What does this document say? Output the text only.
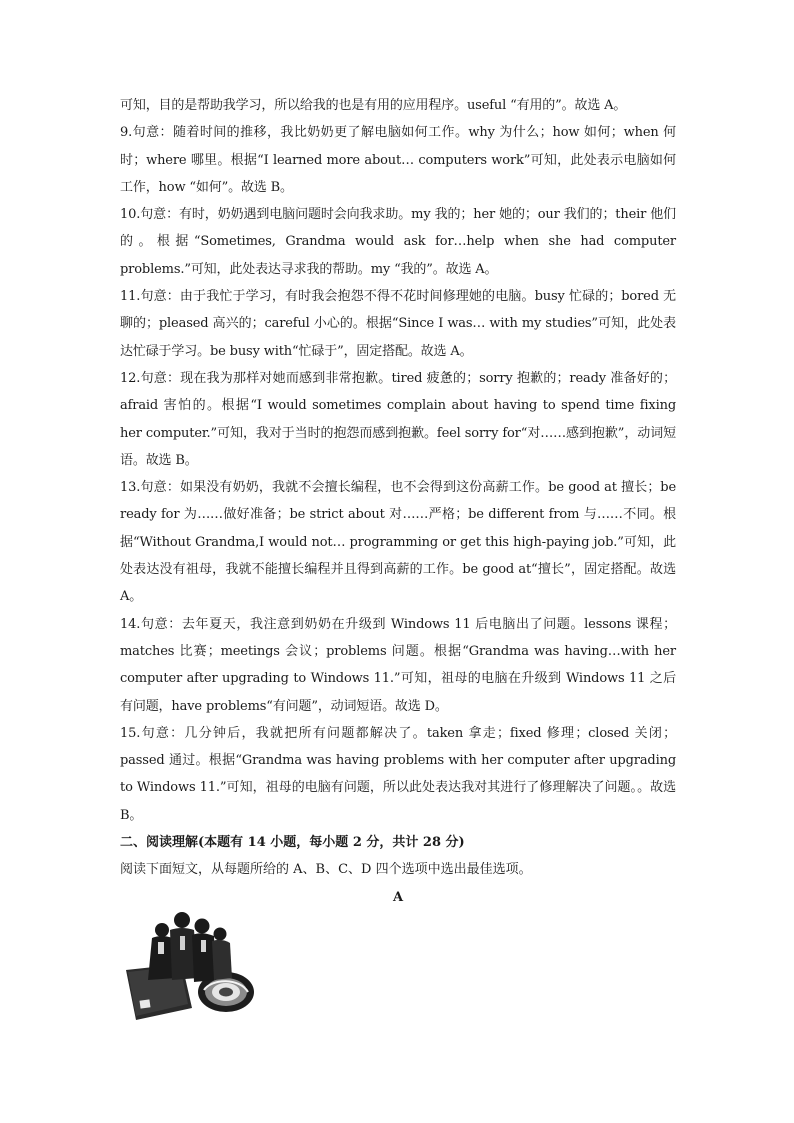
可知，目的是帮助我学习，所以给我的也是有用的应用程序。useful “有用的”。故选 A。

9.句意：随着时间的推移，我比奶奶更了解电脑如何工作。why 为什么；how 如何；when 何时；where 哪里。根据“I learned more about… computers work”可知，此处表示电脑如何工作，how “如何”。故选 B。

10.句意：有时，奶奶遇到电脑问题时会向我求助。my 我的；her 她的；our 我们的；their 他们的。根据“Sometimes, Grandma would ask for…help when she had computer problems.”可知，此处表达寻求我的帮助。my “我的”。故选 A。

11.句意：由于我忙于学习，有时我会抱怨不得不花时间修理她的电脑。busy 忙碌的；bored 无聊的；pleased 高兴的；careful 小心的。根据“Since I was… with my studies”可知，此处表达忙碌于学习。be busy with“忙碌于”，固定搭配。故选 A。

12.句意：现在我为那样对她而感到非常抱歉。tired 疲惫的；sorry 抱歉的；ready 准备好的；afraid 害怕的。根据“I would sometimes complain about having to spend time fixing her computer.”可知，我对于当时的抱怨而感到抱歉。feel sorry for“对……感到抱歉”，动词短语。故选 B。

13.句意：如果没有奶奶，我就不会擅长编程，也不会得到这份高薪工作。be good at 擅长；be ready for 为……做好准备；be strict about 对……严格；be different from 与……不同。根据“Without Grandma,I would not… programming or get this high-paying job.”可知，此处表达没有祖母，我就不能擅长编程并且得到高薪的工作。be good at“擅长”，固定搭配。故选 A。

14.句意：去年夏天，我注意到奶奶在升级到 Windows 11 后电脑出了问题。lessons 课程；matches 比赛；meetings 会议；problems 问题。根据“Grandma was having…with her computer after upgrading to Windows 11.”可知，祖母的电脑在升级到 Windows 11 之后有问题，have problems“有问题”，动词短语。故选 D。

15.句意：几分钟后，我就把所有问题都解决了。taken 拿走；fixed 修理；closed 关闭；passed 通过。根据“Grandma was having problems with her computer after upgrading to Windows 11.”可知，祖母的电脑有问题，所以此处表达我对其进行了修理解决了问题。。故选 B。

二、阅读理解(本题有 14 小题，每小题 2 分，共计 28 分)

阅读下面短文，从每题所给的 A、B、C、D 四个选项中选出最佳选项。

A
